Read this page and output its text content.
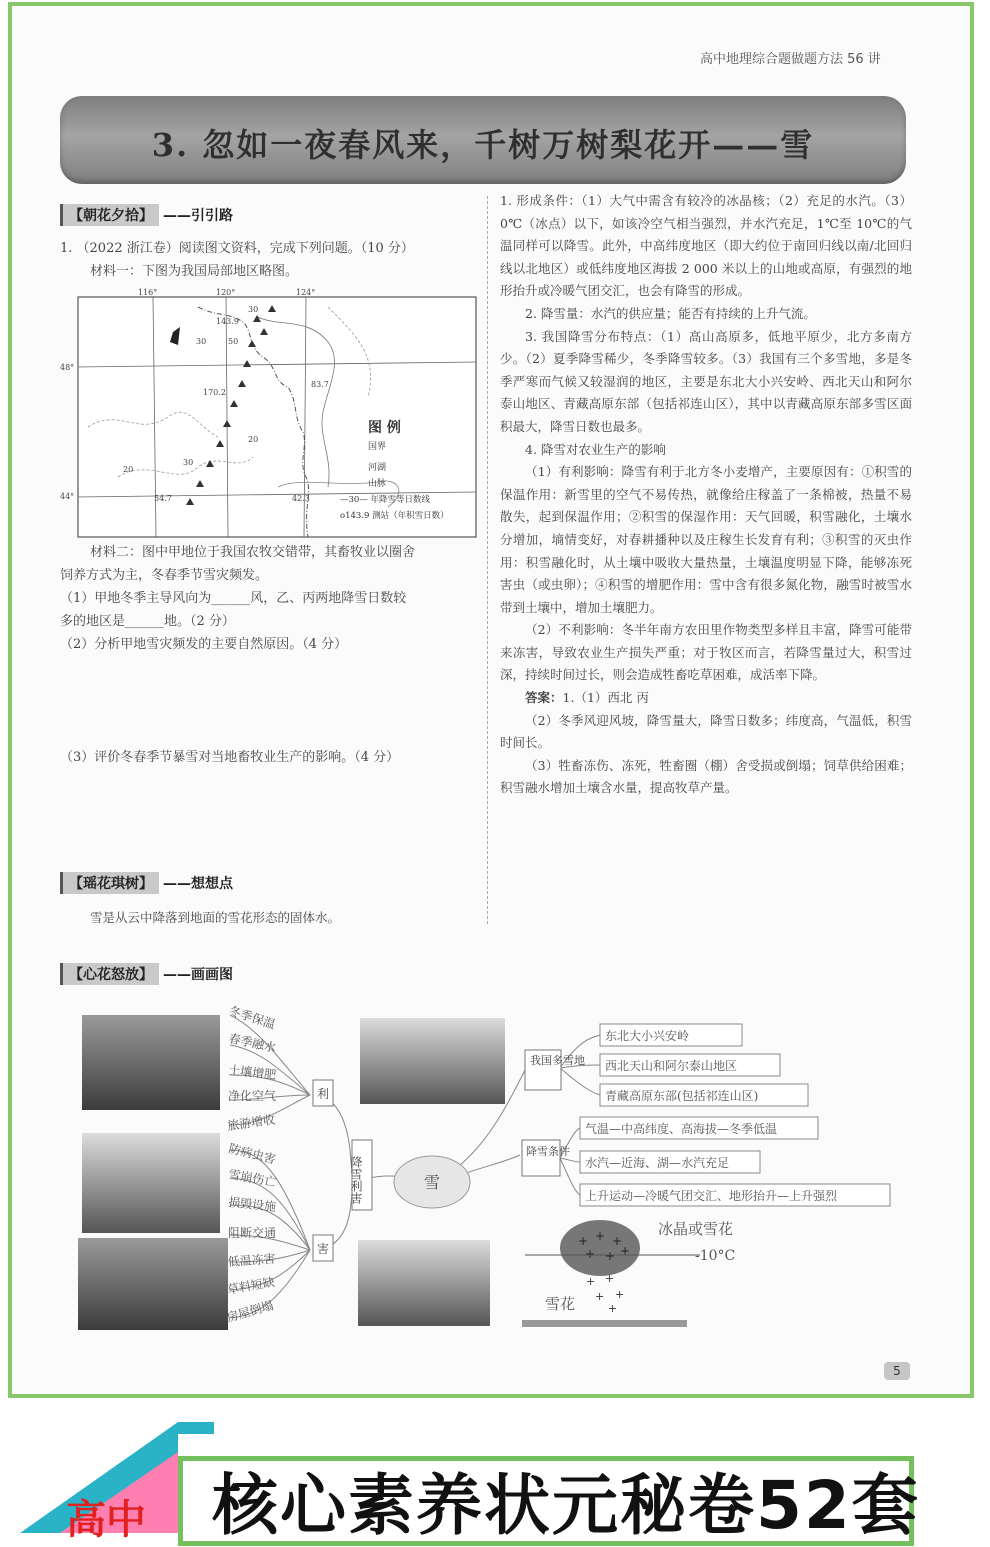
高中地理综合题做题方法 56 讲
3. 忽如一夜春风来，千树万树梨花开——雪
【朝花夕拾】 ——引引路
1. （2022 浙江卷）阅读图文资料，完成下列问题。（10 分）
材料一：下图为我国局部地区略图。
116°	120°	124°
48°
44°
30
143.9
30	50
170.2
83.7
20
30
20
54.7	42.3
图 例
国界
河湖
山脉
—30— 年降雪等日数线
o143.9 测站（年积雪日数）
材料二：图中甲地位于我国农牧交错带，其畜牧业以圈舍
饲养方式为主，冬春季节雪灾频发。
（1）甲地冬季主导风向为______风，乙、丙两地降雪日数较
多的地区是______地。（2 分）
（2）分析甲地雪灾频发的主要自然原因。（4 分）
（3）评价冬春季节暴雪对当地畜牧业生产的影响。（4 分）
【瑶花琪树】 ——想想点
雪是从云中降落到地面的雪花形态的固体水。

1. 形成条件：（1）大气中需含有较冷的冰晶核；（2）充足的水汽。（3）0℃（冰点）以下，如该冷空气相当强烈，并水汽充足，1℃至 10℃的气温同样可以降雪。此外，中高纬度地区（即大约位于南回归线以南/北回归线以北地区）或低纬度地区海拔 2 000 米以上的山地或高原，有强烈的地形抬升或冷暖气团交汇，也会有降雪的形成。

2. 降雪量：水汽的供应量；能否有持续的上升气流。

3. 我国降雪分布特点：（1）高山高原多，低地平原少，北方多南方少。（2）夏季降雪稀少，冬季降雪较多。（3）我国有三个多雪地，多是冬季严寒而气候又较湿润的地区，主要是东北大小兴安岭、西北天山和阿尔泰山地区、青藏高原东部（包括祁连山区），其中以青藏高原东部多雪区面积最大，降雪日数也最多。

4. 降雪对农业生产的影响

（1）有利影响：降雪有利于北方冬小麦增产，主要原因有：①积雪的保温作用：新雪里的空气不易传热，就像给庄稼盖了一条棉被，热量不易散失，起到保温作用；②积雪的保湿作用：天气回暖，积雪融化，土壤水分增加，墒情变好，对春耕播种以及庄稼生长发育有利；③积雪的灭虫作用：积雪融化时，从土壤中吸收大量热量，土壤温度明显下降，能够冻死害虫（或虫卵）；④积雪的增肥作用：雪中含有很多氮化物，融雪时被雪水带到土壤中，增加土壤肥力。

（2）不利影响：冬半年南方农田里作物类型多样且丰富，降雪可能带来冻害，导致农业生产损失严重；对于牧区而言，若降雪量过大，积雪过深，持续时间过长，则会造成牲畜吃草困难，成活率下降。

答案：1.（1）西北 丙

（2）冬季风迎风坡，降雪量大，降雪日数多；纬度高，气温低，积雪时间长。

（3）牲畜冻伤、冻死，牲畜圈（棚）舍受损或倒塌；饲草供给困难；积雪融水增加土壤含水量，提高牧草产量。

【心花怒放】 ——画画图
雪
降雪利害
利
害
冬季保温
春季融水
土壤增肥
净化空气
旅游增收
防病虫害
雪崩伤亡
损毁设施
阻断交通
低温冻害
草料短缺
房屋倒塌
我国多雪地
东北大小兴安岭
西北天山和阿尔泰山地区
青藏高原东部(包括祁连山区)
降雪条件
气温—中高纬度、高海拔—冬季低温
水汽—近海、湖—水汽充足
上升运动—冷暖气团交汇、地形抬升—上升强烈
+ + +
+ + +
冰晶或雪花
-10°C
+ +
+ +
+
雪花
5
高中 核心素养状元秘卷52套
